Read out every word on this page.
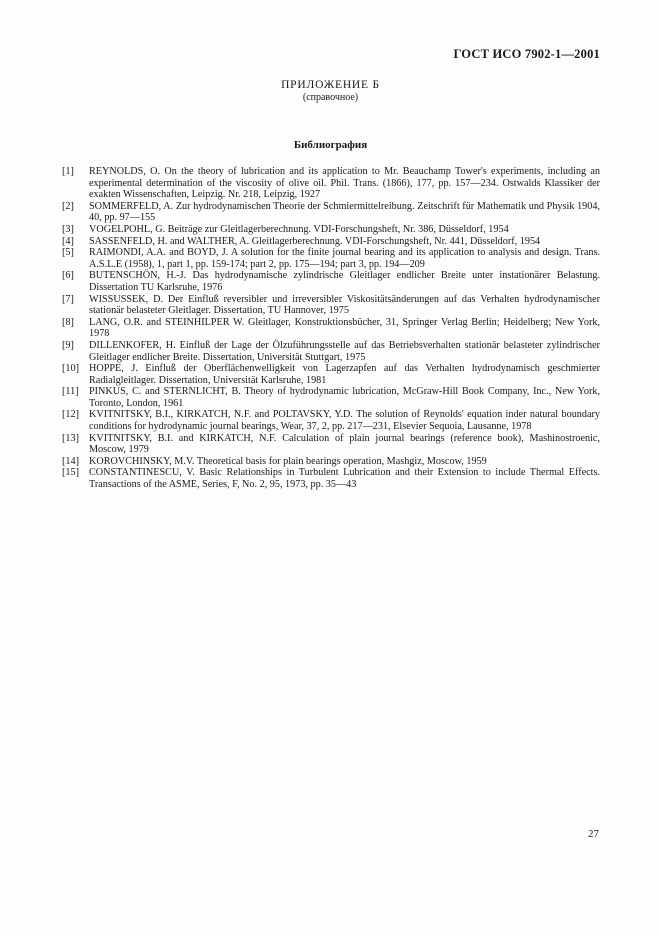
ГОСТ ИСО 7902-1—2001
ПРИЛОЖЕНИЕ Б
(справочное)
Библиография
[1] REYNOLDS, O. On the theory of lubrication and its application to Mr. Beauchamp Tower's experiments, including an experimental determination of the viscosity of olive oil. Phil. Trans. (1866), 177, pp. 157—234. Ostwalds Klassiker der exakten Wissenschaften, Leipzig. Nr. 218, Leipzig, 1927
[2] SOMMERFELD, A. Zur hydrodynamischen Theorie der Schmiermittelreibung. Zeitschrift für Mathematik und Physik 1904, 40, pp. 97—155
[3] VOGELPOHL, G. Beiträge zur Gleitlagerberechnung. VDI-Forschungsheft, Nr. 386, Düsseldorf, 1954
[4] SASSENFELD, H. and WALTHER, A. Gleitlagerberechnung. VDI-Forschungsheft, Nr. 441, Düsseldorf, 1954
[5] RAIMONDI, A.A. and BOYD, J. A solution for the finite journal bearing and its application to analysis and design. Trans. A.S.L.E (1958), 1, part 1, pp. 159-174; part 2, pp. 175—194; part 3, pp. 194—209
[6] BUTENSCHÖN, H.-J. Das hydrodynamische zylindrische Gleitlager endlicher Breite unter instationärer Belastung. Dissertation TU Karlsruhe, 1976
[7] WISSUSSEK, D. Der Einfluß reversibler und irreversibler Viskositätsänderungen auf das Verhalten hydrodynamischer stationär belasteter Gleitlager. Dissertation, TU Hannover, 1975
[8] LANG, O.R. and STEINHILPER W. Gleitlager, Konstruktionsbücher, 31, Springer Verlag Berlin; Heidelberg; New York, 1978
[9] DILLENKOFER, H. Einfluß der Lage der Ölzuführungsstelle auf das Betriebsverhalten stationär belasteter zylindrischer Gleitlager endlicher Breite. Dissertation, Universität Stuttgart, 1975
[10] HOPPE, J. Einfluß der Oberflächenwelligkeit von Lagerzapfen auf das Verhalten hydrodynamisch geschmierter Radialgleitlager. Dissertation, Universität Karlsruhe, 1981
[11] PINKUS, C. and STERNLICHT, B. Theory of hydrodynamic lubrication, McGraw-Hill Book Company, Inc., New York, Toronto, London, 1961
[12] KVITNITSKY, B.I., KIRKATCH, N.F. and POLTAVSKY, Y.D. The solution of Reynolds' equation inder natural boundary conditions for hydrodynamic journal bearings, Wear, 37, 2, pp. 217—231, Elsevier Sequoia, Lausanne, 1978
[13] KVITNITSKY, B.I. and KIRKATCH, N.F. Calculation of plain journal bearings (reference book), Mashinostroenic, Moscow, 1979
[14] KOROVCHINSKY, M.V. Theoretical basis for plain bearings operation, Mashgiz, Moscow, 1959
[15] CONSTANTINESCU, V. Basic Relationships in Turbulent Lubrication and their Extension to include Thermal Effects. Transactions of the ASME, Series, F, No. 2, 95, 1973, pp. 35—43
27
